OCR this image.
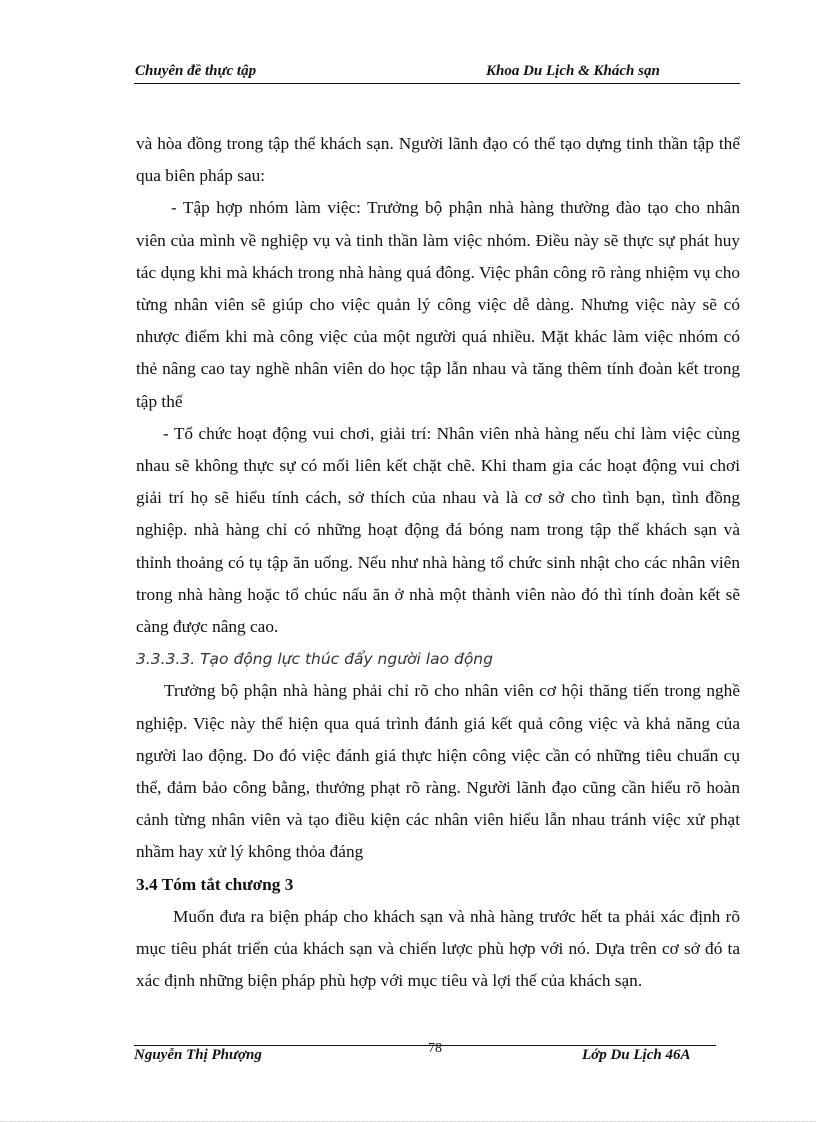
Chuyên đề thực tập	Khoa Du Lịch & Khách sạn

và hòa đồng trong tập thể khách sạn. Người lãnh đạo có thể tạo dựng tinh thần tập thể qua biên pháp sau:

- Tập hợp nhóm làm việc: Trưởng bộ phận nhà hàng thường đào tạo cho nhân viên của mình về nghiệp vụ và tinh thần làm việc nhóm. Điều này sẽ thực sự phát huy tác dụng khi mà khách trong nhà hàng quá đông. Việc phân công rõ ràng nhiệm vụ cho từng nhân viên sẽ giúp cho việc quản lý công việc dễ dàng. Nhưng việc này sẽ có nhược điểm khi mà công việc của một người quá nhiều. Mặt khác làm việc nhóm có thẻ nâng cao tay nghề nhân viên do học tập lẫn nhau và tăng thêm tính đoàn kết trong tập thể

- Tổ chức hoạt động vui chơi, giải trí: Nhân viên nhà hàng nếu chỉ làm việc cùng nhau sẽ không thực sự có mối liên kết chặt chẽ. Khi tham gia các hoạt động vui chơi giải trí họ sẽ hiểu tính cách, sở thích của nhau và là cơ sở cho tình bạn, tình đồng nghiệp. nhà hàng chỉ có những hoạt động đá bóng nam trong tập thể khách sạn và thỉnh thoảng có tụ tập ăn uống. Nếu như nhà hàng tổ chức sinh nhật cho các nhân viên trong nhà hàng hoặc tổ chúc nấu ăn ở nhà một thành viên nào đó thì tính đoàn kết sẽ càng được nâng cao.

3.3.3.3. Tạo động lực thúc đẩy người lao động

Trưởng bộ phận nhà hàng phải chỉ rõ cho nhân viên cơ hội thăng tiến trong nghề nghiệp. Việc này thể hiện qua quá trình đánh giá kết quả công việc và khả năng của người lao động. Do đó việc đánh giá thực hiện công việc cần có những tiêu chuẩn cụ thể, đảm bảo công bằng, thưởng phạt rõ ràng. Người lãnh đạo cũng cần hiểu rõ hoàn cảnh từng nhân viên và tạo điều kiện các nhân viên hiểu lẫn nhau tránh việc xử phạt nhầm hay xử lý không thỏa đáng

3.4 Tóm tắt chương 3

Muốn đưa ra biện pháp cho khách sạn và nhà hàng trước hết ta phải xác định rõ mục tiêu phát triển của khách sạn và chiến lược phù hợp với nó. Dựa trên cơ sở đó ta xác định những biện pháp phù hợp với mục tiêu và lợi thế của khách sạn.

Nguyễn Thị Phượng	78	Lớp Du Lịch 46A
